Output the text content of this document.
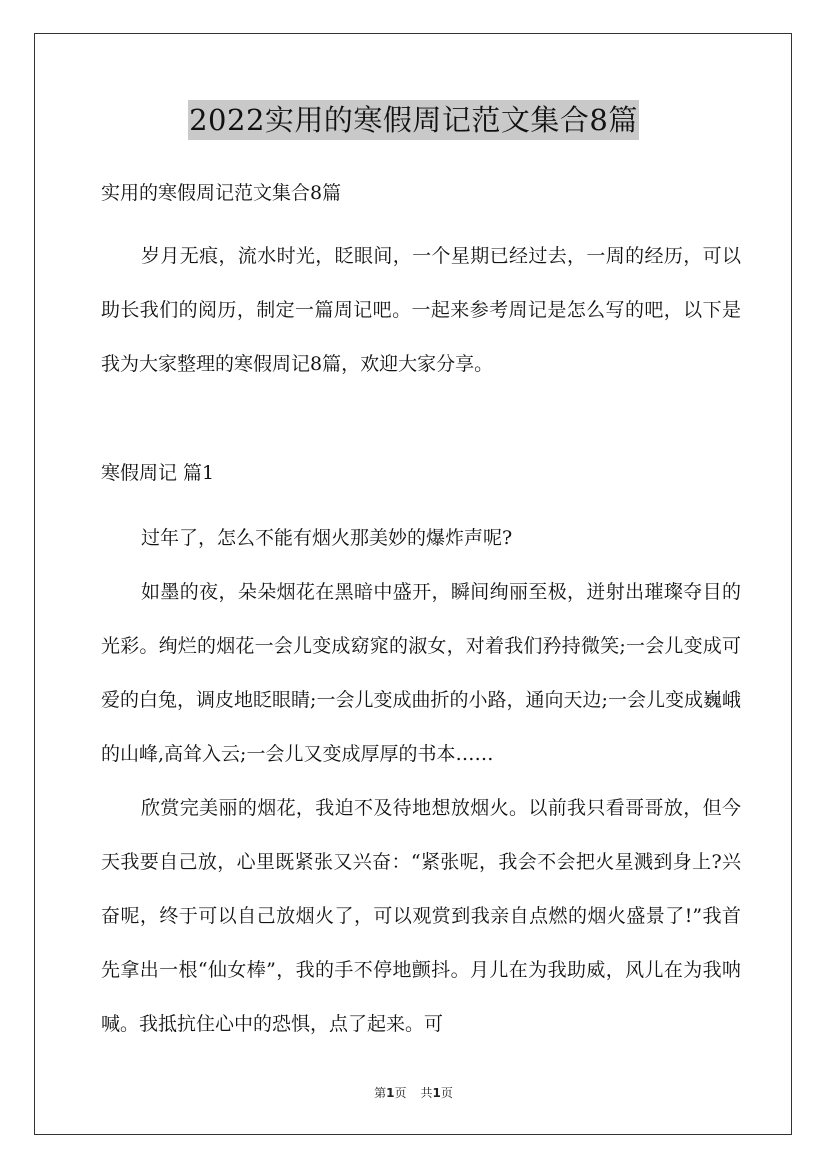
2022实用的寒假周记范文集合8篇

实用的寒假周记范文集合8篇

岁月无痕，流水时光，眨眼间，一个星期已经过去，一周的经历，可以助长我们的阅历，制定一篇周记吧。一起来参考周记是怎么写的吧，以下是我为大家整理的寒假周记8篇，欢迎大家分享。

寒假周记 篇1

过年了，怎么不能有烟火那美妙的爆炸声呢?

如墨的夜，朵朵烟花在黑暗中盛开，瞬间绚丽至极，迸射出璀璨夺目的光彩。绚烂的烟花一会儿变成窈窕的淑女，对着我们矜持微笑;一会儿变成可爱的白兔，调皮地眨眼睛;一会儿变成曲折的小路，通向天边;一会儿变成巍峨的山峰,高耸入云;一会儿又变成厚厚的书本……

欣赏完美丽的烟花，我迫不及待地想放烟火。以前我只看哥哥放，但今天我要自己放，心里既紧张又兴奋：“紧张呢，我会不会把火星溅到身上?兴奋呢，终于可以自己放烟火了，可以观赏到我亲自点燃的烟火盛景了!”我首先拿出一根“仙女棒”，我的手不停地颤抖。月儿在为我助威，风儿在为我呐喊。我抵抗住心中的恐惧，点了起来。可

第1页 共1页
